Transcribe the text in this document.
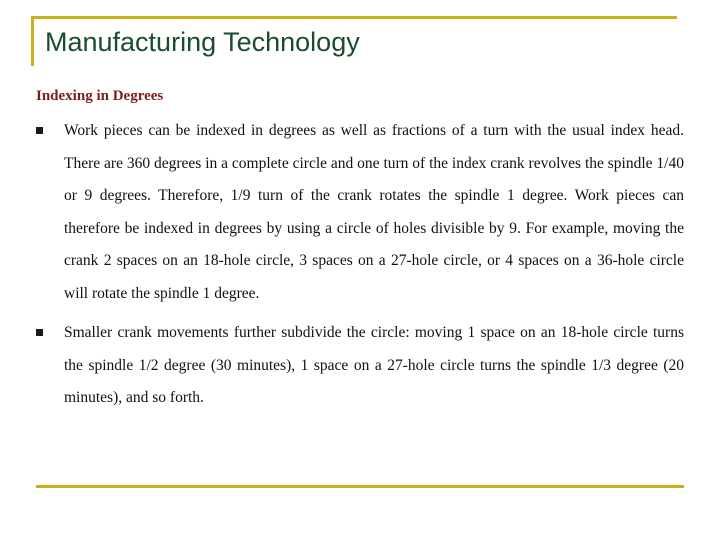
Manufacturing Technology
Indexing in Degrees
Work pieces can be indexed in degrees as well as fractions of a turn with the usual index head. There are 360 degrees in a complete circle and one turn of the index crank revolves the spindle 1/40 or 9 degrees. Therefore, 1/9 turn of the crank rotates the spindle 1 degree. Work pieces can therefore be indexed in degrees by using a circle of holes divisible by 9. For example, moving the crank 2 spaces on an 18-hole circle, 3 spaces on a 27-hole circle, or 4 spaces on a 36-hole circle will rotate the spindle 1 degree.
Smaller crank movements further subdivide the circle: moving 1 space on an 18-hole circle turns the spindle 1/2 degree (30 minutes), 1 space on a 27-hole circle turns the spindle 1/3 degree (20 minutes), and so forth.
